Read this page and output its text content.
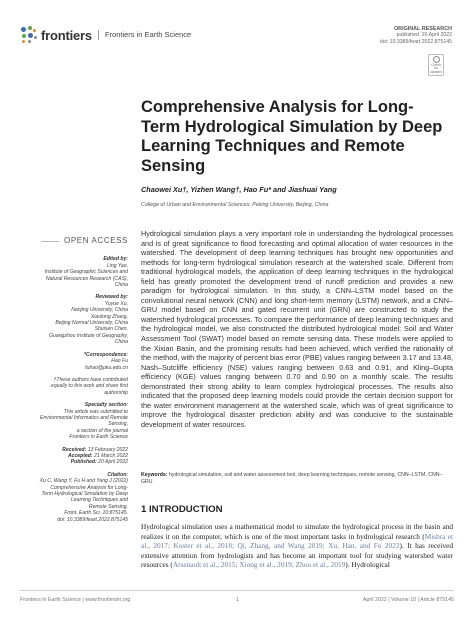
frontiers	Frontiers in Earth Science
ORIGINAL RESEARCH
published: 20 April 2022
doi: 10.3389/feart.2022.875145
Check for updates
Comprehensive Analysis for Long-Term Hydrological Simulation by Deep Learning Techniques and Remote Sensing
Chaowei Xu†, Yizhen Wang†, Hao Fu* and Jiashuai Yang
College of Urban and Environmental Sciences, Peking University, Beijing, China
OPEN ACCESS
Edited by:
Ling Yao,
Institute of Geographic Sciences and
Natural Resources Research (CAS),
China
Reviewed by:
Yuyue Xu,
Nanjing University, China
Xiaolong Zhang,
Beijing Normal University, China
Shuisen Chen,
Guangzhou Institute of Geography,
China
*Correspondence:
Hao Fu
fuhao@pku.edu.cn
†These authors have contributed
equally to this work and share first
authorship
Specialty section:
This article was submitted to
Environmental Informatics and Remote
Sensing,
a section of the journal
Frontiers in Earth Science
Received: 13 February 2022
Accepted: 21 March 2022
Published: 20 April 2022
Citation:
Xu C, Wang Y, Fu H and Yang J (2022)
Comprehensive Analysis for Long-
Term Hydrological Simulation by Deep
Learning Techniques and
Remote Sensing.
Front. Earth Sci. 10:875145.
doi: 10.3389/feart.2022.875145
Hydrological simulation plays a very important role in understanding the hydrological processes and is of great significance to flood forecasting and optimal allocation of water resources in the watershed. The development of deep learning techniques has brought new opportunities and methods for long-term hydrological simulation research at the watershed scale. Different from traditional hydrological models, the application of deep learning techniques in the hydrological field has greatly promoted the development trend of runoff prediction and provides a new paradigm for hydrological simulation. In this study, a CNN–LSTM model based on the convolutional neural network (CNN) and long short-term memory (LSTM) network, and a CNN–GRU model based on CNN and gated recurrent unit (GRN) are constructed to study the watershed hydrological processes. To compare the performance of deep learning techniques and the hydrological model, we also constructed the distributed hydrological model: Soil and Water Assessment Tool (SWAT) model based on remote sensing data. These models were applied to the Xixian Basin, and the promising results had been achieved, which verified the rationality of the method, with the majority of percent bias error (PBE) values ranging between 3.17 and 13.48, Nash–Sutcliffe efficiency (NSE) values ranging between 0.63 and 0.91, and Kling–Gupta efficiency (KGE) values ranging between 0.70 and 0.90 on a monthly scale. The results demonstrated their strong ability to learn complex hydrological processes. The results also indicated that the proposed deep learning models could provide the certain decision support for the water environment management at the watershed scale, which was of great significance to improve the hydrological disaster prediction ability and was conducive to the sustainable development of water resources.
Keywords: hydrological simulation, soil and water assessment tool, deep learning techniques, remote sensing, CNN–LSTM, CNN–GRU
1 INTRODUCTION
Hydrological simulation uses a mathematical model to simulate the hydrological process in the basin and realizes it on the computer, which is one of the most important tasks in hydrological research (Mishra et al., 2017; Koster et al., 2018; Qi, Zhang, and Wang 2019; Xu, Han, and Fu 2022). It has received extensive attention from hydrologists and has become an important tool for studying watershed water resources (Arsenault et al., 2015; Xiong et al., 2019; Zhou et al., 2019). Hydrological
Frontiers in Earth Science | www.frontiersin.org	1	April 2022 | Volume 10 | Article 875145
